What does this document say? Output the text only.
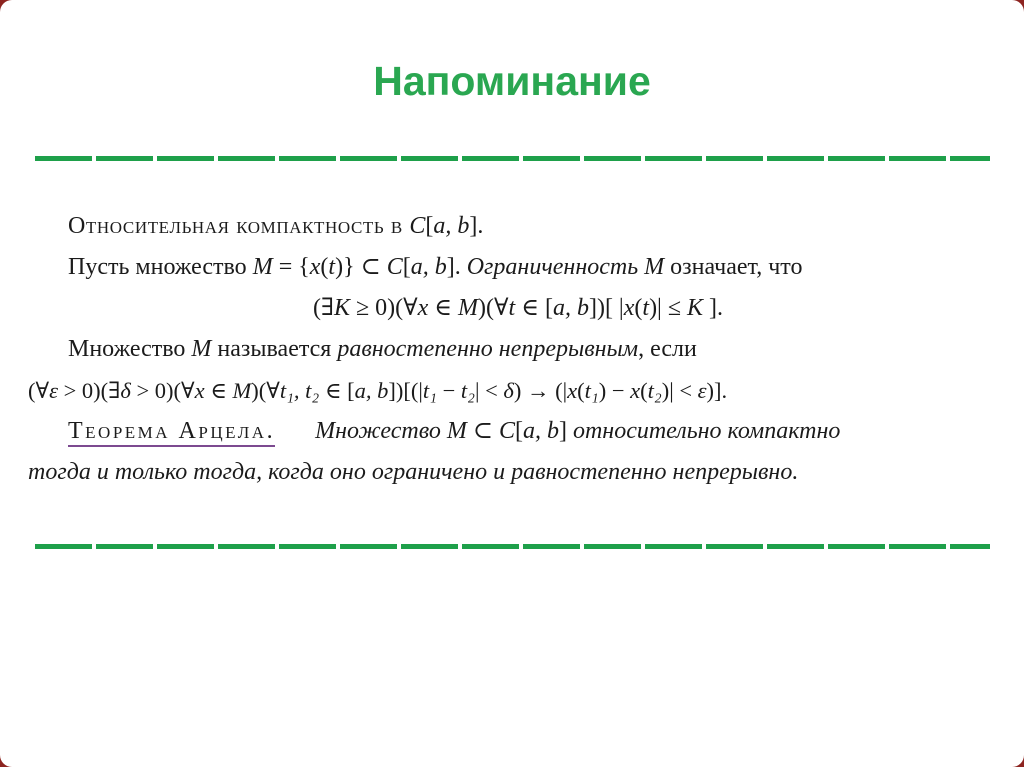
Напоминание
Относительная компактность в C[a, b].
Пусть множество M = {x(t)} ⊂ C[a, b]. Ограниченность M означает, что
(∃K ≥ 0)(∀x ∈ M)(∀t ∈ [a, b])[ |x(t)| ≤ K ].
Множество M называется равностепенно непрерывным, если
(∀ε > 0)(∃δ > 0)(∀x ∈ M)(∀t₁, t₂ ∈ [a, b])[(|t₁ − t₂| < δ) → (|x(t₁) − x(t₂)| < ε)].
Теорема Арцела. Множество M ⊂ C[a, b] относительно компактно
тогда и только тогда, когда оно ограничено и равностепенно непрерывно.
